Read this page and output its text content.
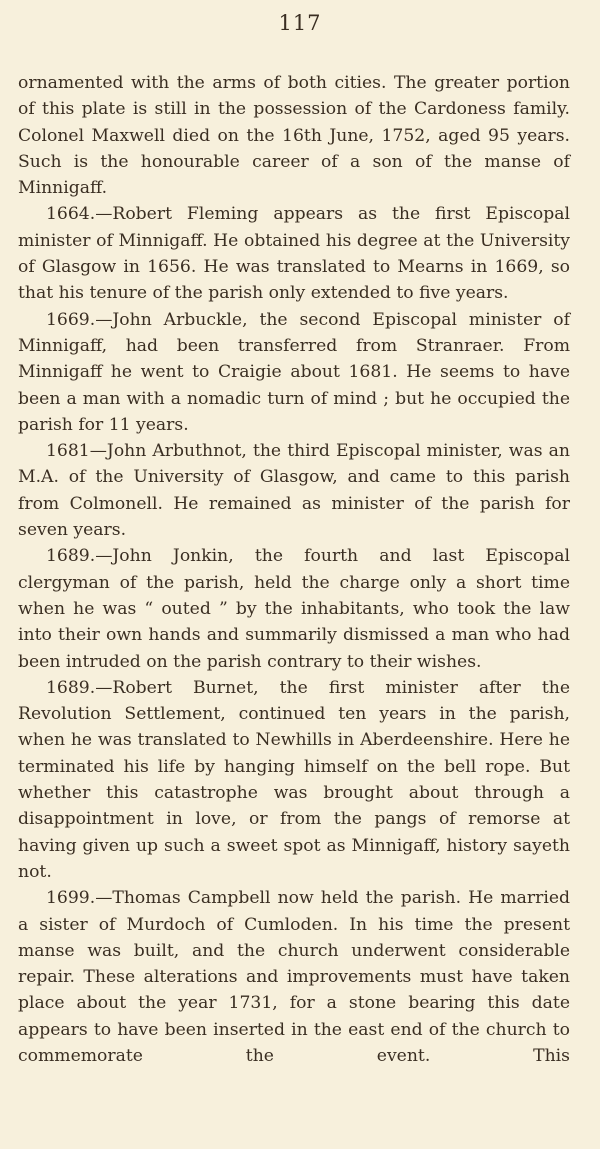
117

ornamented with the arms of both cities. The greater portion of this plate is still in the possession of the Cardoness family. Colonel Maxwell died on the 16th June, 1752, aged 95 years. Such is the honourable career of a son of the manse of Minnigaff.

1664.—Robert Fleming appears as the first Episcopal minister of Minnigaff. He obtained his degree at the University of Glasgow in 1656. He was translated to Mearns in 1669, so that his tenure of the parish only extended to five years.

1669.—John Arbuckle, the second Episcopal minister of Minnigaff, had been transferred from Stranraer. From Minnigaff he went to Craigie about 1681. He seems to have been a man with a nomadic turn of mind ; but he occupied the parish for 11 years.

1681—John Arbuthnot, the third Episcopal minister, was an M.A. of the University of Glasgow, and came to this parish from Colmonell. He remained as minister of the parish for seven years.

1689.—John Jonkin, the fourth and last Episcopal clergyman of the parish, held the charge only a short time when he was “ outed ” by the inhabitants, who took the law into their own hands and summarily dismissed a man who had been intruded on the parish contrary to their wishes.

1689.—Robert Burnet, the first minister after the Revolution Settlement, continued ten years in the parish, when he was translated to Newhills in Aberdeenshire. Here he terminated his life by hanging himself on the bell rope. But whether this catastrophe was brought about through a disappointment in love, or from the pangs of remorse at having given up such a sweet spot as Minnigaff, history sayeth not.

1699.—Thomas Campbell now held the parish. He married a sister of Murdoch of Cumloden. In his time the present manse was built, and the church underwent considerable repair. These alterations and improvements must have taken place about the year 1731, for a stone bearing this date appears to have been inserted in the east end of the church to commemorate the event. This
